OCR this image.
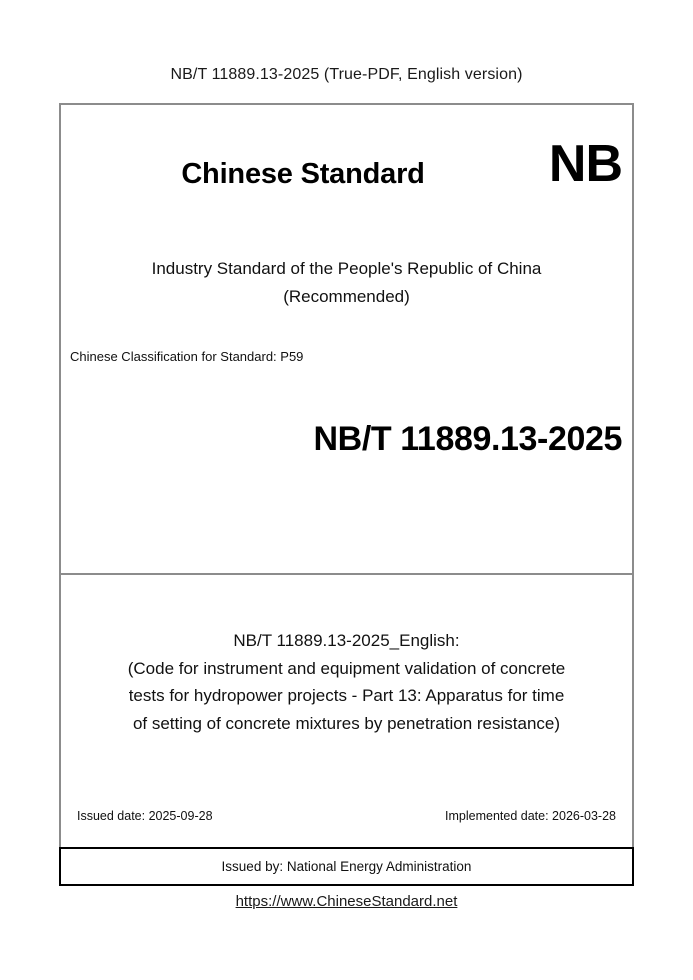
NB/T 11889.13-2025 (True-PDF, English version)
Chinese Standard	NB
Industry Standard of the People's Republic of China
(Recommended)
Chinese Classification for Standard: P59
NB/T 11889.13-2025
NB/T 11889.13-2025_English:
(Code for instrument and equipment validation of concrete
tests for hydropower projects - Part 13: Apparatus for time
of setting of concrete mixtures by penetration resistance)
Issued date: 2025-09-28	Implemented date: 2026-03-28
Issued by: National Energy Administration
https://www.ChineseStandard.net
